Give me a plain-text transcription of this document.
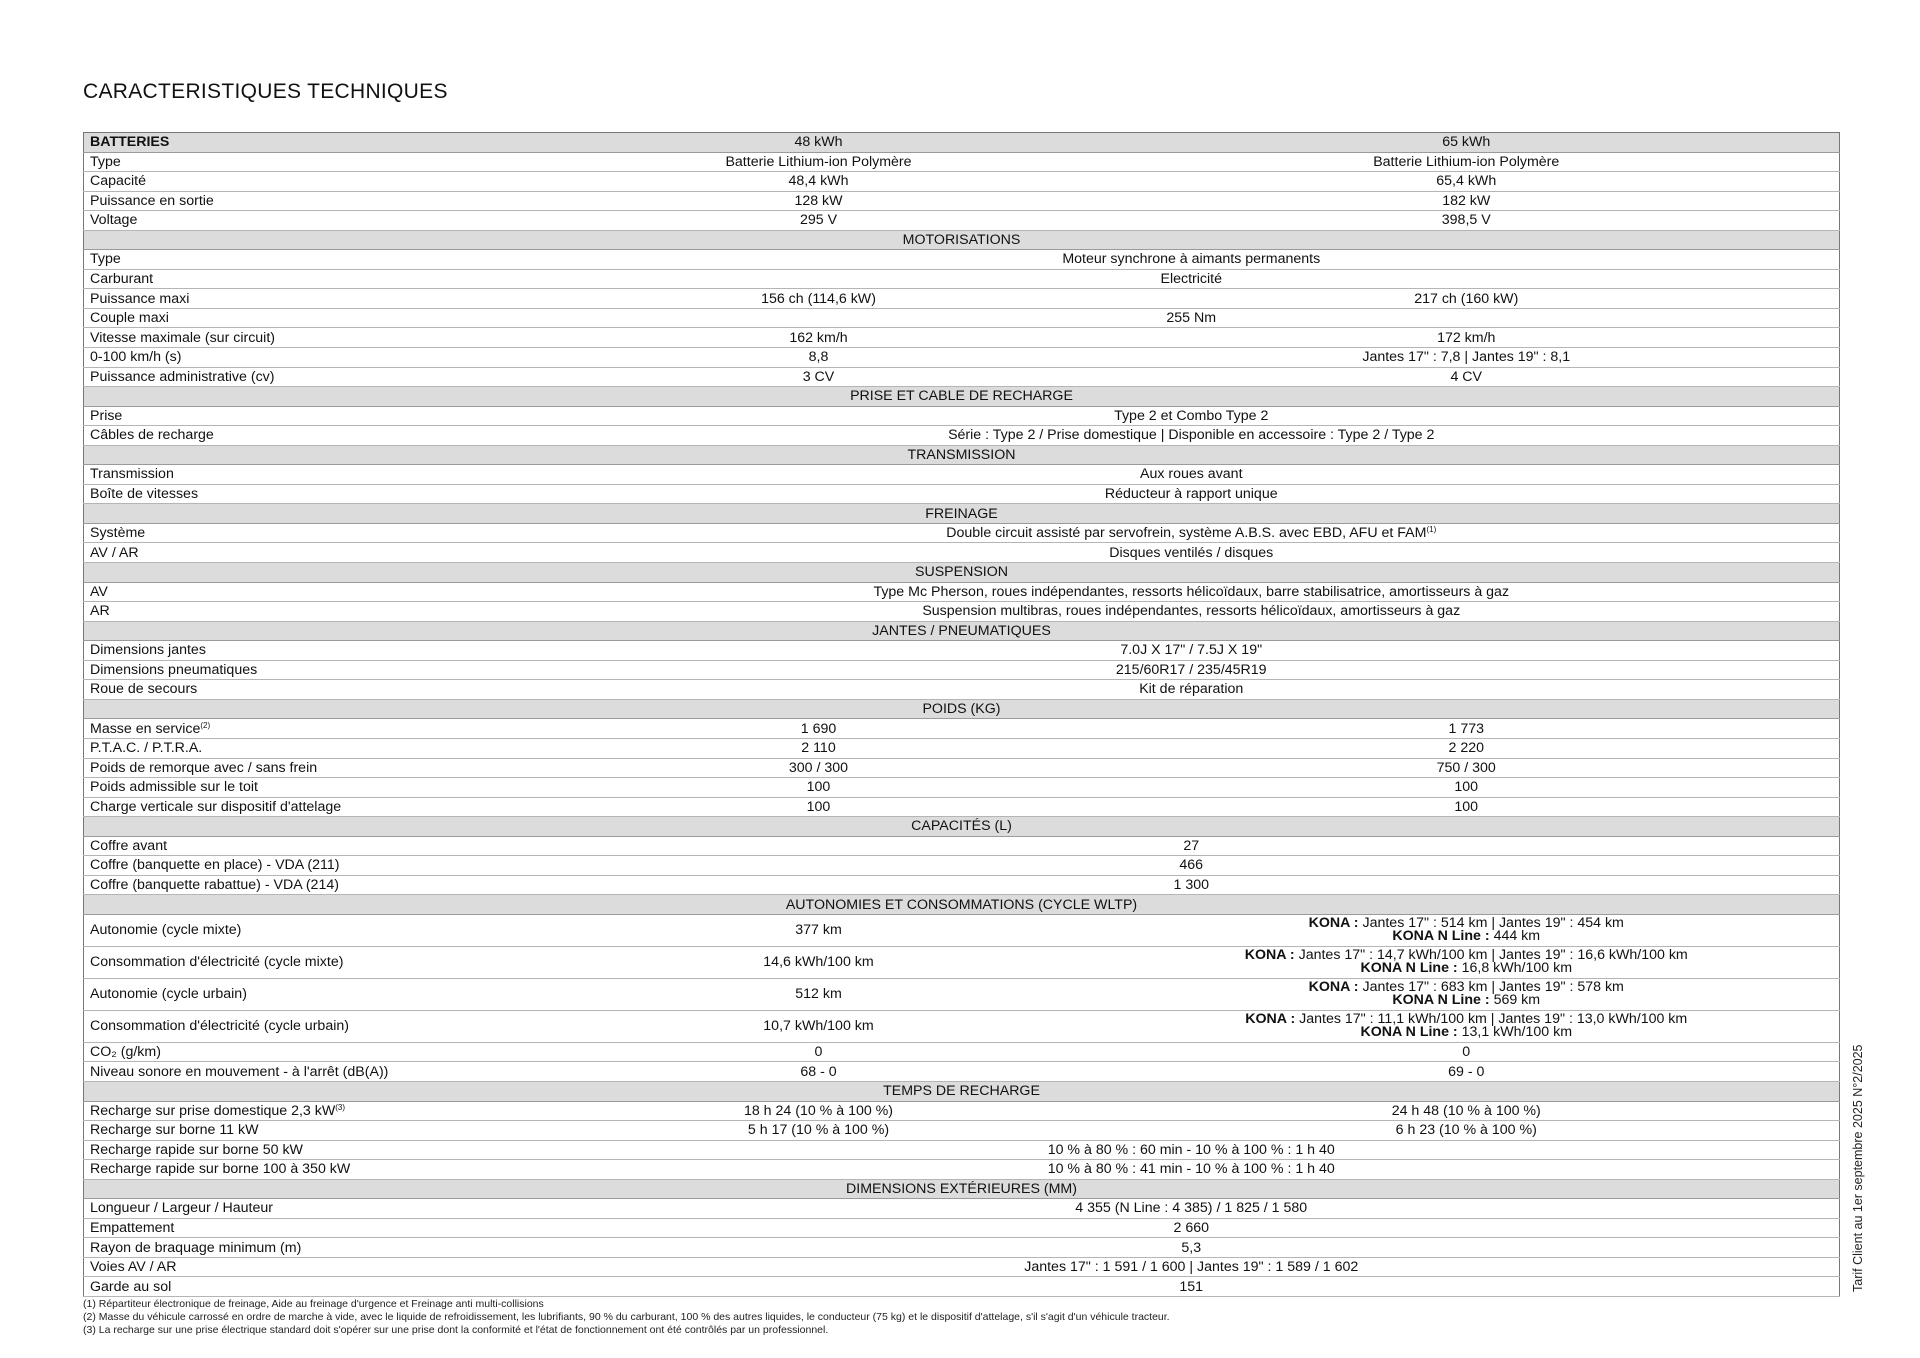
CARACTERISTIQUES TECHNIQUES
BATTERIES	48 kWh	65 kWh
Type	Batterie Lithium-ion Polymère	Batterie Lithium-ion Polymère
Capacité	48,4 kWh	65,4 kWh
Puissance en sortie	128 kW	182 kW
Voltage	295 V	398,5 V
MOTORISATIONS		
Type	Moteur synchrone à aimants permanents	
Carburant	Electricité	
Puissance maxi	156 ch (114,6 kW)	217 ch (160 kW)
Couple maxi	255 Nm	
Vitesse maximale (sur circuit)	162 km/h	172 km/h
0-100 km/h (s)	8,8	Jantes 17" : 7,8 | Jantes 19" : 8,1
Puissance administrative (cv)	3 CV	4 CV
PRISE ET CABLE DE RECHARGE		
Prise	Type 2 et Combo Type 2	
Câbles de recharge	Série : Type 2 / Prise domestique | Disponible en accessoire : Type 2 / Type 2	
TRANSMISSION		
Transmission	Aux roues avant	
Boîte de vitesses	Réducteur à rapport unique	
FREINAGE		
Système	Double circuit assisté par servofrein, système A.B.S. avec EBD, AFU et FAM$^{(1)}$
AV / AR	Disques ventilés / disques	
SUSPENSION		
AV	Type Mc Pherson, roues indépendantes, ressorts hélicoïdaux, barre stabilisatrice, amortisseurs à gaz	
AR	Suspension multibras, roues indépendantes, ressorts hélicoïdaux, amortisseurs à gaz	
JANTES / PNEUMATIQUES		
Dimensions jantes	7.0J X 17" / 7.5J X 19"	
Dimensions pneumatiques	215/60R17 / 235/45R19	
Roue de secours	Kit de réparation	
POIDS (KG)		
Masse en service$^{(2)}$	1 690	1 773
P.T.A.C. / P.T.R.A.	2 110	2 220
Poids de remorque avec / sans frein	300 / 300	750 / 300
Poids admissible sur le toit	100	100
Charge verticale sur dispositif d'attelage	100	100
CAPACITÉS (L)		
Coffre avant	27	
Coffre (banquette en place) - VDA (211)	466	
Coffre (banquette rabattue) - VDA (214)	1 300	
AUTONOMIES ET CONSOMMATIONS (CYCLE WLTP)		
Autonomie (cycle mixte)	377 km	KONA : Jantes 17" : 514 km | Jantes 19" : 454 km
KONA N Line : 444 km

Consommation d'électricité (cycle mixte)	14,6 kWh/100 km	KONA : Jantes 17" : 14,7 kWh/100 km | Jantes 19" : 16,6 kWh/100 km
KONA N Line : 16,8 kWh/100 km

Autonomie (cycle urbain)	512 km	KONA : Jantes 17" : 683 km | Jantes 19" : 578 km
KONA N Line : 569 km

Consommation d'électricité (cycle urbain)	10,7 kWh/100 km	KONA : Jantes 17" : 11,1 kWh/100 km | Jantes 19" : 13,0 kWh/100 km
KONA N Line : 13,1 kWh/100 km

CO₂ (g/km)	0	0
Niveau sonore en mouvement - à l'arrêt (dB(A))	68 - 0	69 - 0
TEMPS DE RECHARGE		
Recharge sur prise domestique 2,3 $kW^{(3)}$	18 h 24 (10 % à 100 %)	24 h 48 (10 % à 100 %)
Recharge sur borne 11 kW	5 h 17 (10 % à 100 %)	6 h 23 (10 % à 100 %)
Recharge rapide sur borne 50 kW	10 % à 80 % : 60 min - 10 % à 100 % : 1 h 40	
Recharge rapide sur borne 100 à 350 kW	10 % à 80 % : 41 min - 10 % à 100 % : 1 h 40	
DIMENSIONS EXTÉRIEURES (MM)		
Longueur / Largeur / Hauteur	4 355 (N Line : 4 385) / 1 825 / 1 580	
Empattement	2 660	
Rayon de braquage minimum (m)	5,3	
Voies AV / AR	Jantes 17" : 1 591 / 1 600 | Jantes 19" : 1 589 / 1 602	
Garde au sol	151	
(1) Répartiteur électronique de freinage, Aide au freinage d'urgence et Freinage anti multi-collisions
(2) Masse du véhicule carrossé en ordre de marche à vide, avec le liquide de refroidissement, les lubrifiants, 90 % du carburant, 100 % des autres liquides, le conducteur (75 kg) et le dispositif d'attelage, s'il s'agit d'un véhicule tracteur.
(3) La recharge sur une prise électrique standard doit s'opérer sur une prise dont la conformité et l'état de fonctionnement ont été contrôlés par un professionnel.
Tarif Client au 1er septembre 2025 N°2/2025
